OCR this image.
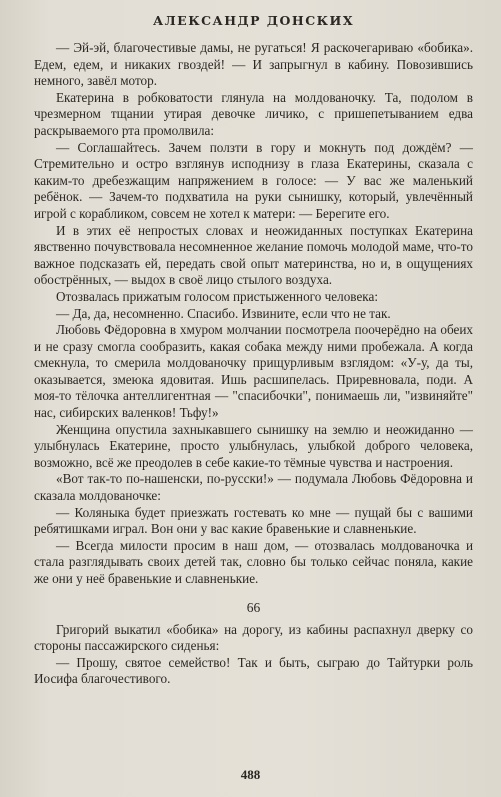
АЛЕКСАНДР ДОНСКИХ

— Эй-эй, благочестивые дамы, не ругаться! Я раскочегариваю «бобика». Едем, едем, и никаких гвоздей! — И запрыгнул в кабину. Повозившись немного, завёл мотор.

Екатерина в робковатости глянула на молдованочку. Та, подолом в чрезмерном тщании утирая девочке личико, с пришепетыванием едва раскрываемого рта промолвила:

— Соглашайтесь. Зачем ползти в гору и мокнуть под дождём? — Стремительно и остро взглянув исподнизу в глаза Екатерины, сказала с каким-то дребезжащим напряжением в голосе: — У вас же маленький ребёнок. — Зачем-то подхватила на руки сынишку, который, увлечённый игрой с корабликом, совсем не хотел к матери: — Берегите его.

И в этих её непростых словах и неожиданных поступках Екатерина явственно почувствовала несомненное желание помочь молодой маме, что-то важное подсказать ей, передать свой опыт материнства, но и, в ощущениях обострённых, — выдох в своё лицо стылого воздуха.

Отозвалась прижатым голосом пристыженного человека:

— Да, да, несомненно. Спасибо. Извините, если что не так.

Любовь Фёдоровна в хмуром молчании посмотрела поочерёдно на обеих и не сразу смогла сообразить, какая собака между ними пробежала. А когда смекнула, то смерила молдованочку прищурливым взглядом: «У-у, да ты, оказывается, змеюка ядовитая. Ишь расшипелась. Приревновала, поди. А моя-то тёлочка антеллигентная — "спасибочки", понимаешь ли, "извиняйте" нас, сибирских валенков! Тьфу!»

Женщина опустила захныкавшего сынишку на землю и неожиданно — улыбнулась Екатерине, просто улыбнулась, улыбкой доброго человека, возможно, всё же преодолев в себе какие-то тёмные чувства и настроения.

«Вот так-то по-нашенски, по-русски!» — подумала Любовь Фёдоровна и сказала молдованочке:

— Коляныка будет приезжать гостевать ко мне — пущай бы с вашими ребятишками играл. Вон они у вас какие бравенькие и славненькие.

— Всегда милости просим в наш дом, — отозвалась молдованочка и стала разглядывать своих детей так, словно бы только сейчас поняла, какие же они у неё бравенькие и славненькие.

66

Григорий выкатил «бобика» на дорогу, из кабины распахнул дверку со стороны пассажирского сиденья:

— Прошу, святое семейство! Так и быть, сыграю до Тайтурки роль Иосифа благочестивого.

488
